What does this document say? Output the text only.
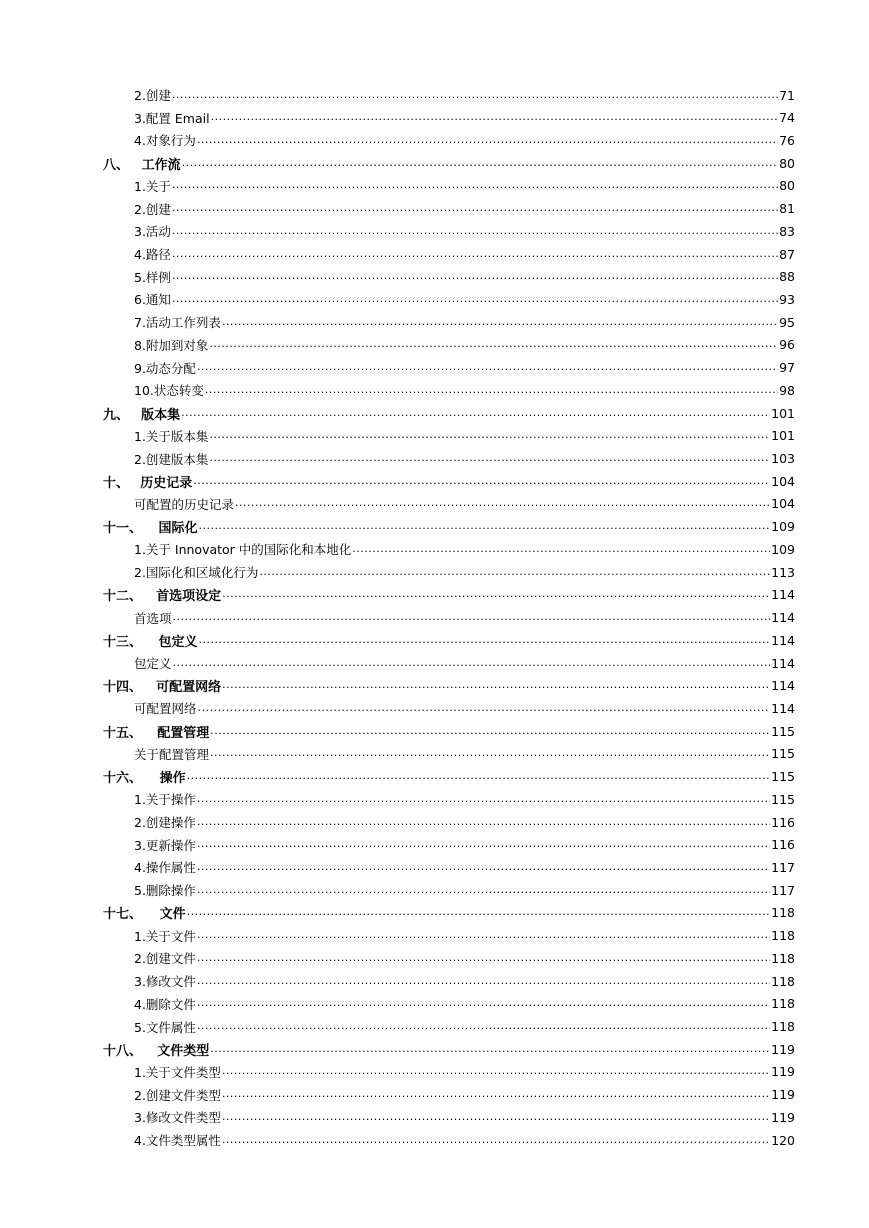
2.创建 .....	71
3.配置 Email .....	74
4.对象行为 .....	76
八、 工作流 .....	80
1.关于 .....	80
2.创建 .....	81
3.活动 .....	83
4.路径 .....	87
5.样例 .....	88
6.通知 .....	93
7.活动工作列表 .....	95
8.附加到对象 .....	96
9.动态分配 .....	97
10.状态转变 .....	98
九、 版本集 .....	101
1.关于版本集 .....	101
2.创建版本集 .....	103
十、 历史记录 .....	104
可配置的历史记录 .....	104
十一、	国际化 .....	109
1.关于 Innovator 中的国际化和本地化 .....	109
2.国际化和区域化行为 .....	113
十二、	首选项设定 .....	114
首选项 .....	114
十三、	包定义 .....	114
包定义 .....	114
十四、	可配置网络 .....	114
可配置网络 .....	114
十五、	配置管理 .....	115
关于配置管理 .....	115
十六、	操作 .....	115
1.关于操作 .....	115
2.创建操作 .....	116
3.更新操作 .....	116
4.操作属性 .....	117
5.删除操作 .....	117
十七、	文件 .....	118
1.关于文件 .....	118
2.创建文件 .....	118
3.修改文件 .....	118
4.删除文件 .....	118
5.文件属性 .....	118
十八、	文件类型 .....	119
1.关于文件类型 .....	119
2.创建文件类型 .....	119
3.修改文件类型 .....	119
4.文件类型属性 .....	120
